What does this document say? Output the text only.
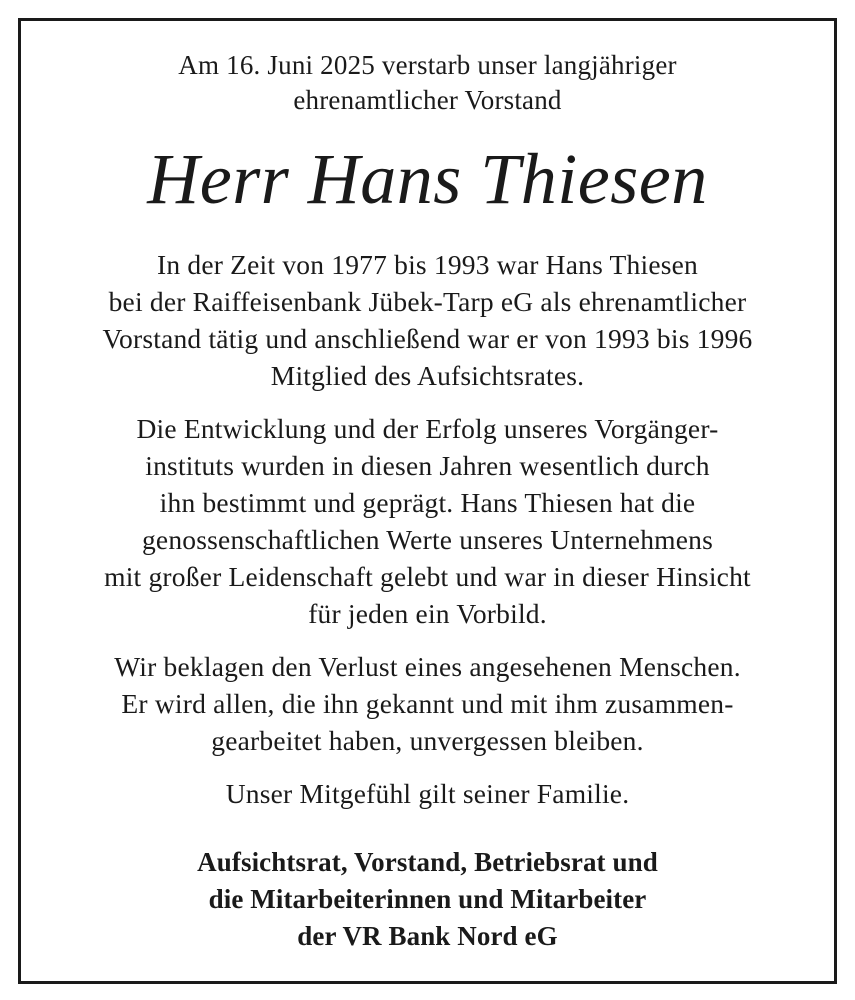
Am 16. Juni 2025 verstarb unser langjähriger
ehrenamtlicher Vorstand
Herr Hans Thiesen
In der Zeit von 1977 bis 1993 war Hans Thiesen
bei der Raiffeisenbank Jübek-Tarp eG als ehrenamtlicher
Vorstand tätig und anschließend war er von 1993 bis 1996
Mitglied des Aufsichtsrates.
Die Entwicklung und der Erfolg unseres Vorgänger-
instituts wurden in diesen Jahren wesentlich durch
ihn bestimmt und geprägt. Hans Thiesen hat die
genossenschaftlichen Werte unseres Unternehmens
mit großer Leidenschaft gelebt und war in dieser Hinsicht
für jeden ein Vorbild.
Wir beklagen den Verlust eines angesehenen Menschen.
Er wird allen, die ihn gekannt und mit ihm zusammen-
gearbeitet haben, unvergessen bleiben.
Unser Mitgefühl gilt seiner Familie.
Aufsichtsrat, Vorstand, Betriebsrat und
die Mitarbeiterinnen und Mitarbeiter
der VR Bank Nord eG
